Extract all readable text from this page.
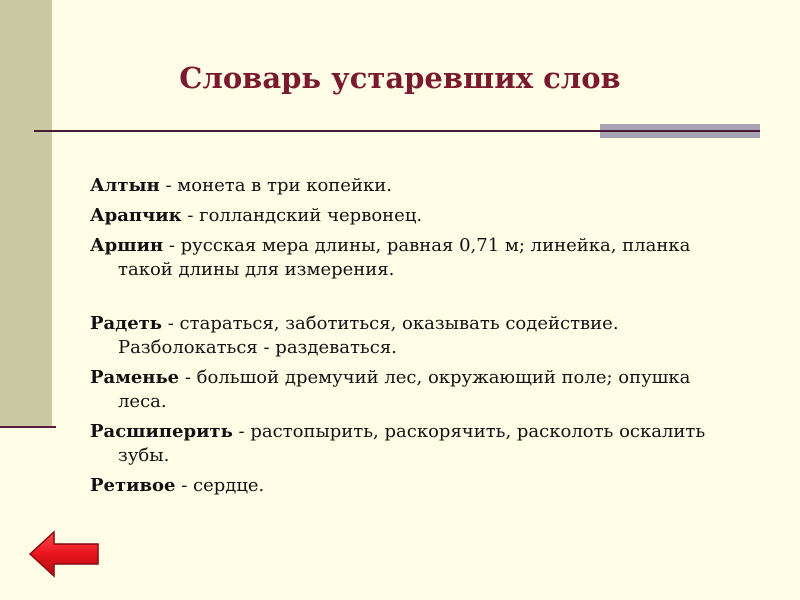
Словарь устаревших слов
Алтын - монета в три копейки.
Арапчик - голландский червонец.
Аршин - русская мера длины, равная 0,71 м; линейка, планка такой длины для измерения.
Радеть - стараться, заботиться, оказывать содействие. Разболокаться - раздеваться.
Раменье - большой дремучий лес, окружающий поле; опушка леса.
Расшиперить - растопырить, раскорячить, расколоть оскалить зубы.
Ретивое - сердце.
